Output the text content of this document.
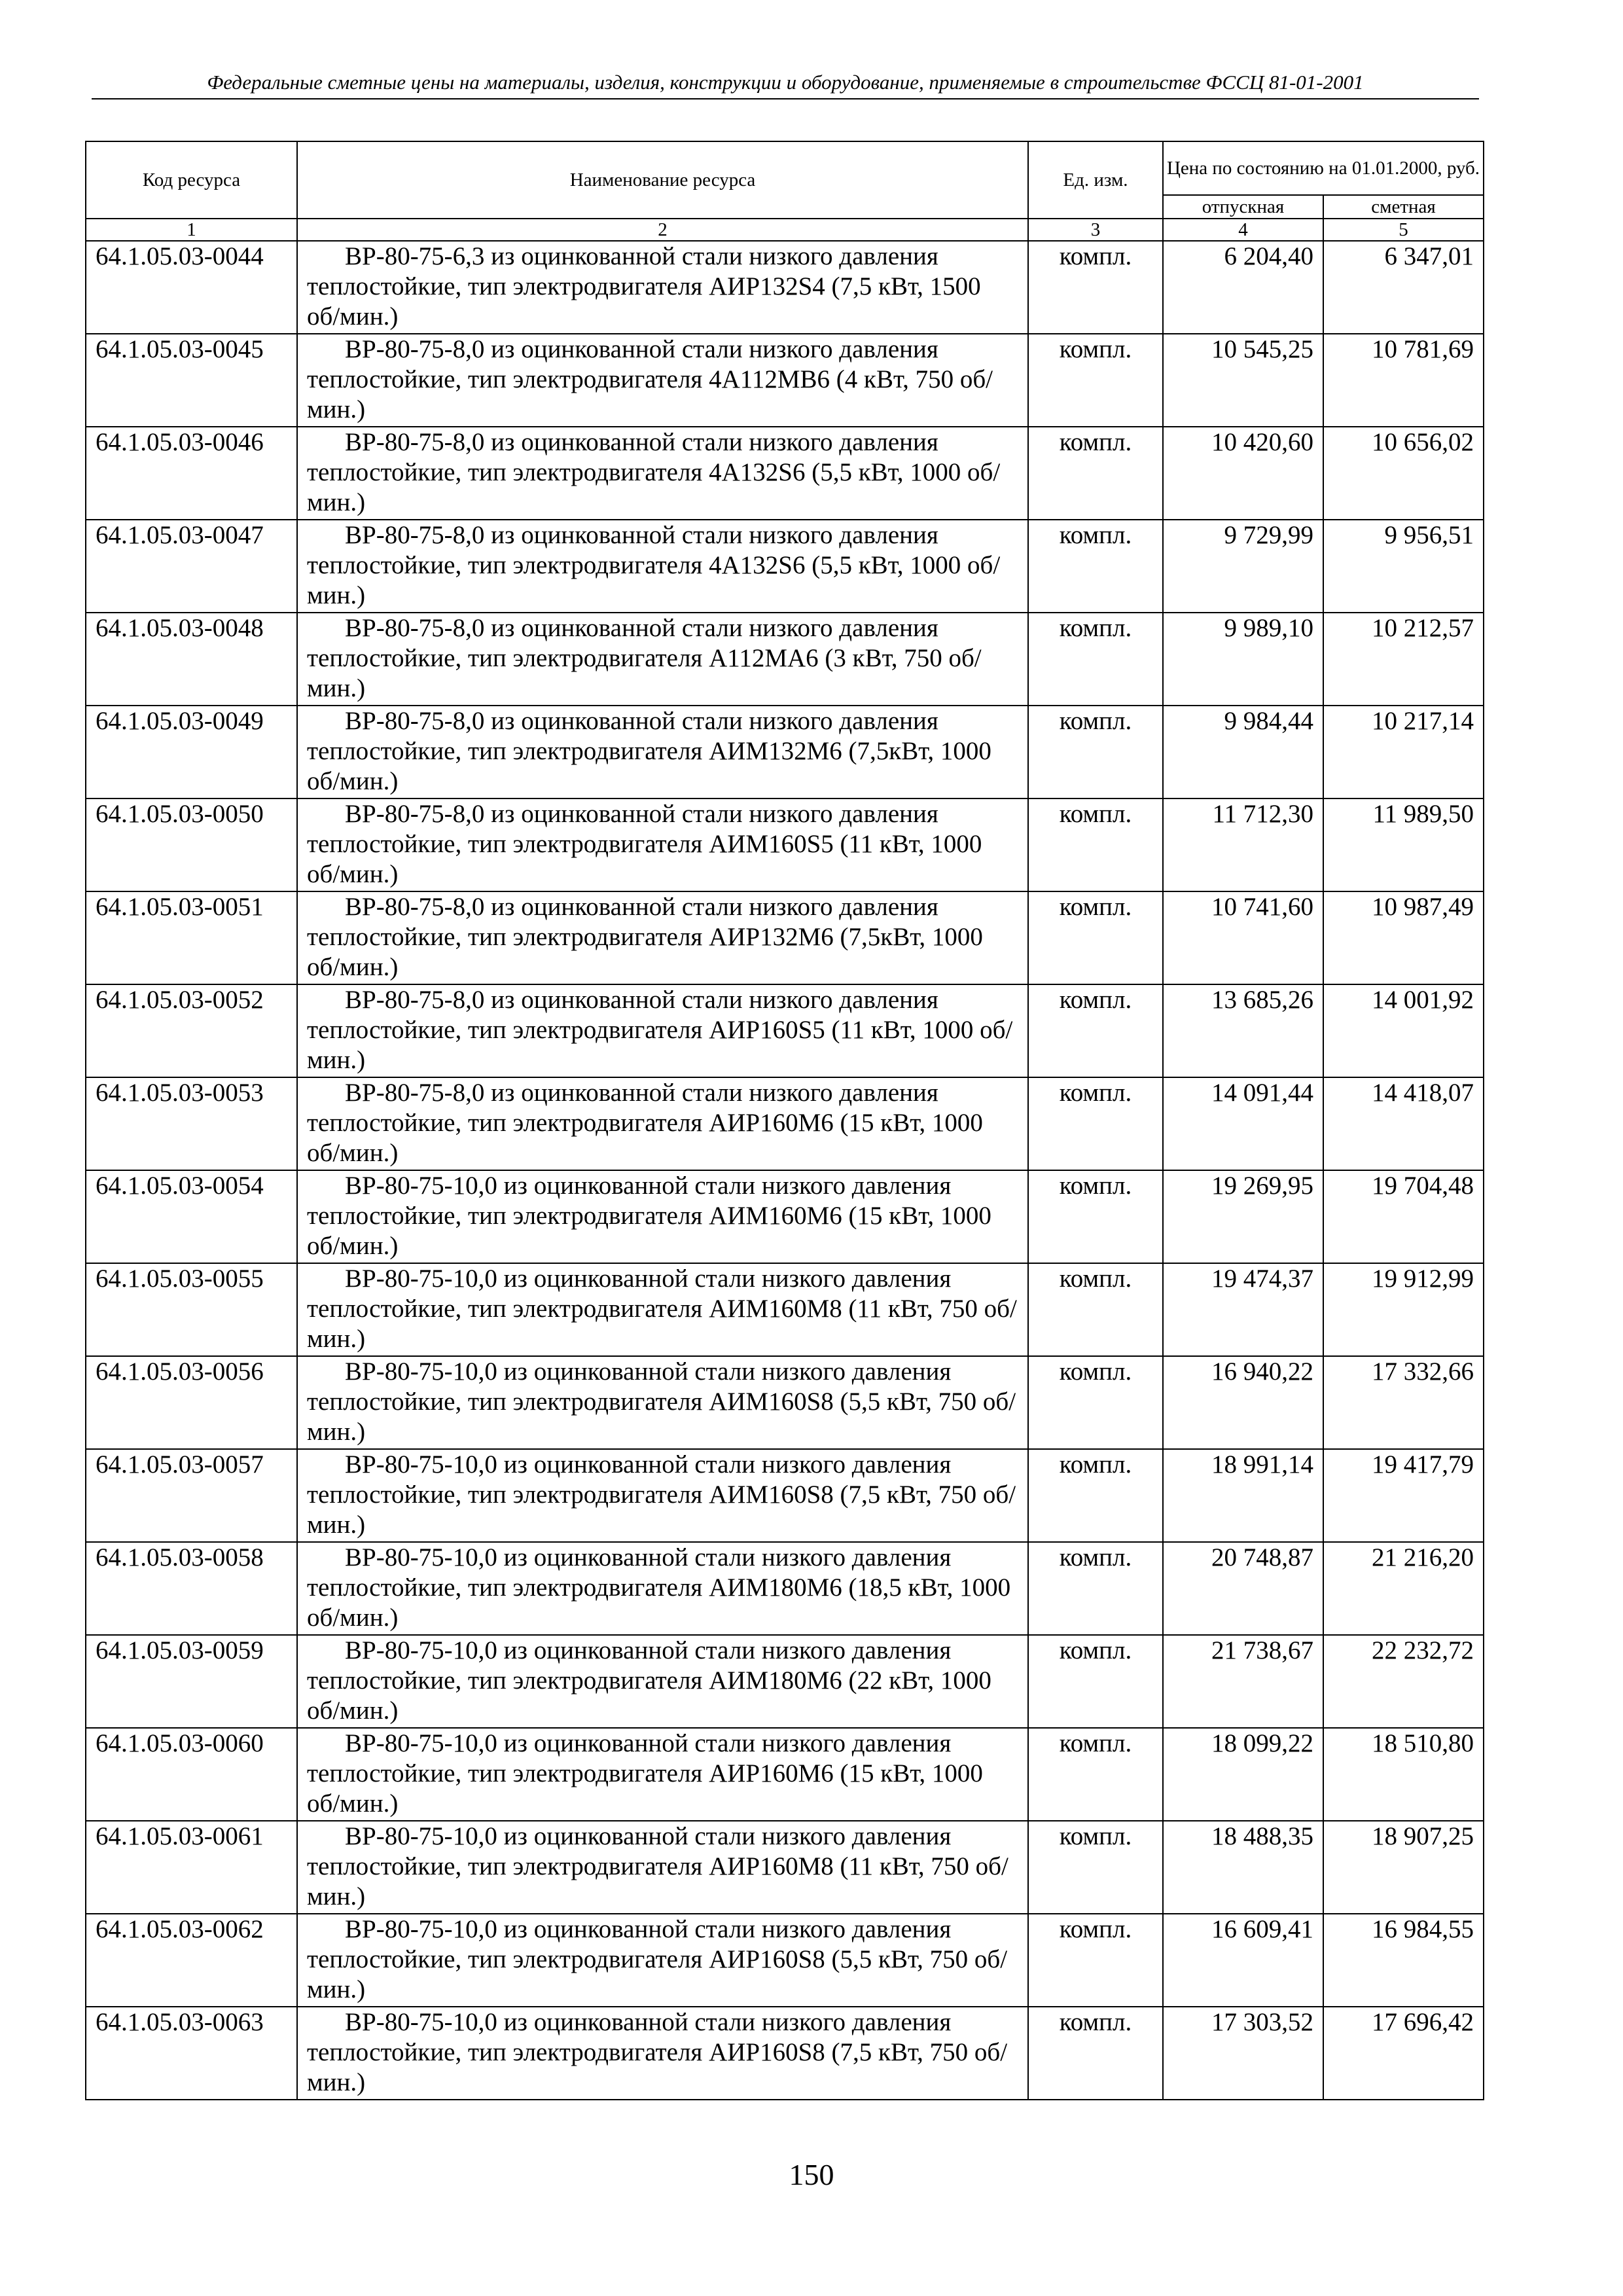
Федеральные сметные цены на материалы, изделия, конструкции и оборудование, применяемые в строительстве ФССЦ 81-01-2001
Код ресурса	Наименование ресурса	Ед. изм.	Цена по состоянию на 01.01.2000, руб.	
			отпускная	сметная
1	2	3	4	5
64.1.05.03-0044	ВР-80-75-6,3 из оцинкованной стали низкого давления теплостойкие, тип электродвигателя АИР132S4 (7,5 кВт, 1500 об/мин.)	компл.	6 204,40	6 347,01
64.1.05.03-0045	ВР-80-75-8,0 из оцинкованной стали низкого давления теплостойкие, тип электродвигателя 4А112МВ6 (4 кВт, 750 об/мин.)	компл.	10 545,25	10 781,69
64.1.05.03-0046	ВР-80-75-8,0 из оцинкованной стали низкого давления теплостойкие, тип электродвигателя 4А132S6 (5,5 кВт, 1000 об/мин.)	компл.	10 420,60	10 656,02
64.1.05.03-0047	ВР-80-75-8,0 из оцинкованной стали низкого давления теплостойкие, тип электродвигателя 4А132S6 (5,5 кВт, 1000 об/мин.)	компл.	9 729,99	9 956,51
64.1.05.03-0048	ВР-80-75-8,0 из оцинкованной стали низкого давления теплостойкие, тип электродвигателя А112МА6 (3 кВт, 750 об/мин.)	компл.	9 989,10	10 212,57
64.1.05.03-0049	ВР-80-75-8,0 из оцинкованной стали низкого давления теплостойкие, тип электродвигателя АИМ132М6 (7,5кВт, 1000 об/мин.)	компл.	9 984,44	10 217,14
64.1.05.03-0050	ВР-80-75-8,0 из оцинкованной стали низкого давления теплостойкие, тип электродвигателя АИМ160S5 (11 кВт, 1000 об/мин.)	компл.	11 712,30	11 989,50
64.1.05.03-0051	ВР-80-75-8,0 из оцинкованной стали низкого давления теплостойкие, тип электродвигателя АИР132М6 (7,5кВт, 1000 об/мин.)	компл.	10 741,60	10 987,49
64.1.05.03-0052	ВР-80-75-8,0 из оцинкованной стали низкого давления теплостойкие, тип электродвигателя АИР160S5 (11 кВт, 1000 об/мин.)	компл.	13 685,26	14 001,92
64.1.05.03-0053	ВР-80-75-8,0 из оцинкованной стали низкого давления теплостойкие, тип электродвигателя АИР160М6 (15 кВт, 1000 об/мин.)	компл.	14 091,44	14 418,07
64.1.05.03-0054	ВР-80-75-10,0 из оцинкованной стали низкого давления теплостойкие, тип электродвигателя АИМ160М6 (15 кВт, 1000 об/мин.)	компл.	19 269,95	19 704,48
64.1.05.03-0055	ВР-80-75-10,0 из оцинкованной стали низкого давления теплостойкие, тип электродвигателя АИМ160М8 (11 кВт, 750 об/мин.)	компл.	19 474,37	19 912,99
64.1.05.03-0056	ВР-80-75-10,0 из оцинкованной стали низкого давления теплостойкие, тип электродвигателя АИМ160S8 (5,5 кВт, 750 об/мин.)	компл.	16 940,22	17 332,66
64.1.05.03-0057	ВР-80-75-10,0 из оцинкованной стали низкого давления теплостойкие, тип электродвигателя АИМ160S8 (7,5 кВт, 750 об/мин.)	компл.	18 991,14	19 417,79
64.1.05.03-0058	ВР-80-75-10,0 из оцинкованной стали низкого давления теплостойкие, тип электродвигателя АИМ180М6 (18,5 кВт, 1000 об/мин.)	компл.	20 748,87	21 216,20
64.1.05.03-0059	ВР-80-75-10,0 из оцинкованной стали низкого давления теплостойкие, тип электродвигателя АИМ180М6 (22 кВт, 1000 об/мин.)	компл.	21 738,67	22 232,72
64.1.05.03-0060	ВР-80-75-10,0 из оцинкованной стали низкого давления теплостойкие, тип электродвигателя АИР160М6 (15 кВт, 1000 об/мин.)	компл.	18 099,22	18 510,80
64.1.05.03-0061	ВР-80-75-10,0 из оцинкованной стали низкого давления теплостойкие, тип электродвигателя АИР160М8 (11 кВт, 750 об/мин.)	компл.	18 488,35	18 907,25
64.1.05.03-0062	ВР-80-75-10,0 из оцинкованной стали низкого давления теплостойкие, тип электродвигателя АИР160S8 (5,5 кВт, 750 об/мин.)	компл.	16 609,41	16 984,55
64.1.05.03-0063	ВР-80-75-10,0 из оцинкованной стали низкого давления теплостойкие, тип электродвигателя АИР160S8 (7,5 кВт, 750 об/мин.)	компл.	17 303,52	17 696,42
150
